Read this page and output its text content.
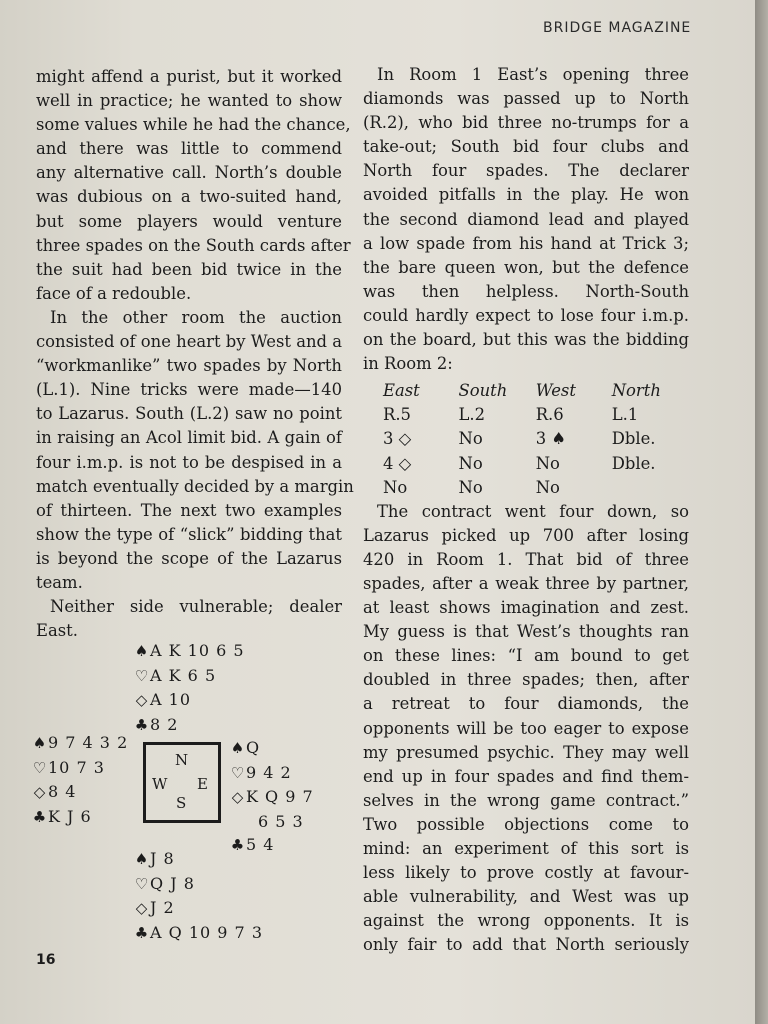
BRIDGE MAGAZINE
might affend a purist, but it worked
well in practice; he wanted to show
some values while he had the chance,
and there was little to commend
any alternative call. North’s double
was dubious on a two-suited hand,
but some players would venture
three spades on the South cards after
the suit had been bid twice in the
face of a redouble.
In the other room the auction
consisted of one heart by West and a
“workmanlike” two spades by North
(L.1). Nine tricks were made—140
to Lazarus. South (L.2) saw no point
in raising an Acol limit bid. A gain of
four i.m.p. is not to be despised in a
match eventually decided by a margin
of thirteen. The next two examples
show the type of “slick” bidding that
is beyond the scope of the Lazarus
team.
Neither side vulnerable; dealer
East.
♠A K 10 6 5
♡A K 6 5
◇ A 10
♣8 2
♠9 7 4 3 2
♡10 7 3
◇ 8 4
♣K J 6
N
W E
S
♠Q
♡9 4 2
◇ K Q 9 7
6 5 3
♣5 4
♠J 8
♡Q J 8
◇ J 2
♣A Q 10 9 7 3
In Room 1 East’s opening three
diamonds was passed up to North
(R.2), who bid three no-trumps for a
take-out; South bid four clubs and
North four spades. The declarer
avoided pitfalls in the play. He won
the second diamond lead and played
a low spade from his hand at Trick 3;
the bare queen won, but the defence
was then helpless. North-South
could hardly expect to lose four i.m.p.
on the board, but this was the bidding
in Room 2:
East	South	West	North
R.5	L.2	R.6	L.1
3 ◇	No	3 ♠	Dble.
4 ◇	No	No	Dble.
No	No	No	
The contract went four down, so
Lazarus picked up 700 after losing
420 in Room 1. That bid of three
spades, after a weak three by partner,
at least shows imagination and zest.
My guess is that West’s thoughts ran
on these lines: “I am bound to get
doubled in three spades; then, after
a retreat to four diamonds, the
opponents will be too eager to expose
my presumed psychic. They may well
end up in four spades and find them-
selves in the wrong game contract.”
Two possible objections come to
mind: an experiment of this sort is
less likely to prove costly at favour-
able vulnerability, and West was up
against the wrong opponents. It is
only fair to add that North seriously
16
